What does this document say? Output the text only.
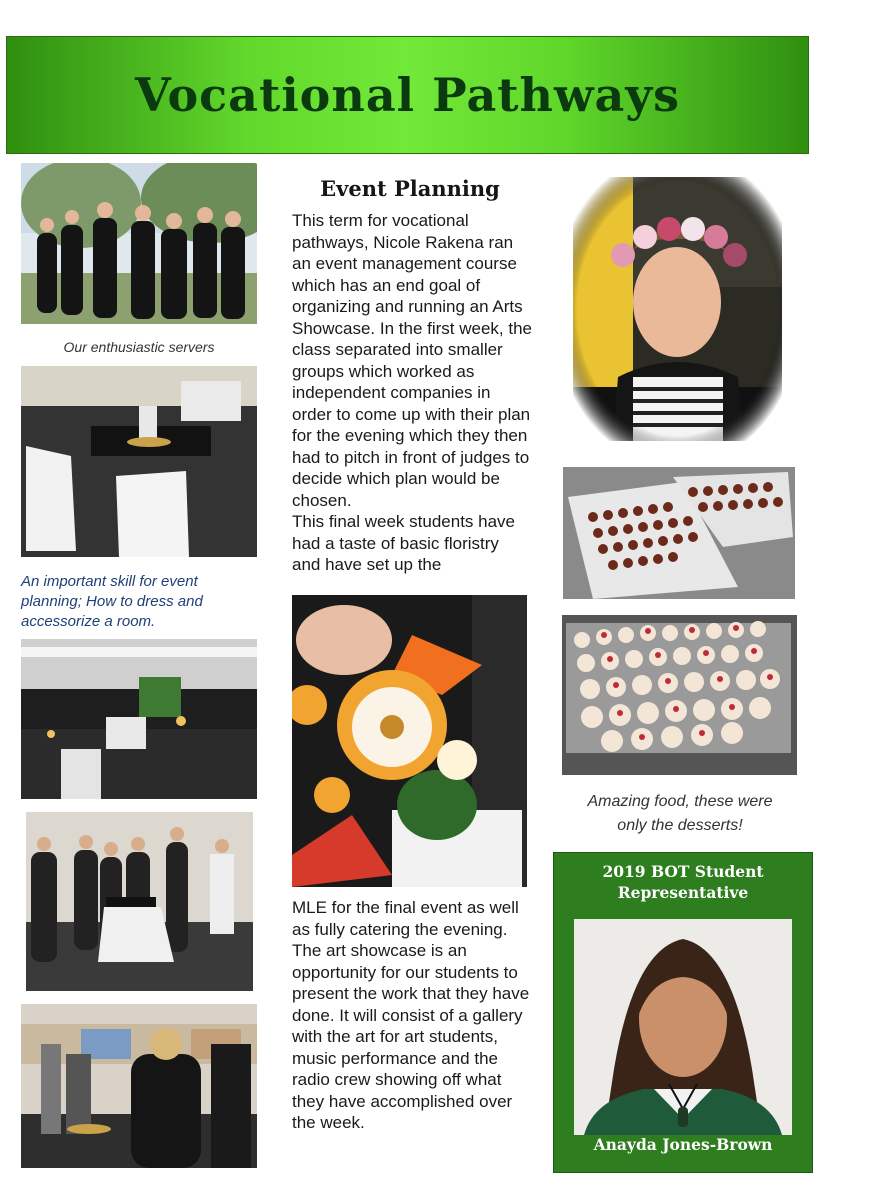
Vocational Pathways
Our enthusiastic servers
An important skill for event
planning; How to dress and
accessorize a room.
Event Planning

This term for vocational pathways, Nicole Rakena ran an event management course which has an end goal of organizing and running an Arts Showcase. In the first week, the class separated into smaller groups which worked as independent companies in order to come up with their plan for the evening which they then had to pitch in front of judges to decide which plan would be chosen.

This final week students have had a taste of basic floristry and have set up the

MLE for the final event as well as fully catering the evening.

The art showcase is an opportunity for our students to present the work that they have done. It will consist of a gallery with the art for art students, music performance and the radio crew showing off what they have accomplished over the week.

Amazing food, these were
only the desserts!
2019 BOT Student
Representative
Anayda Jones-Brown
